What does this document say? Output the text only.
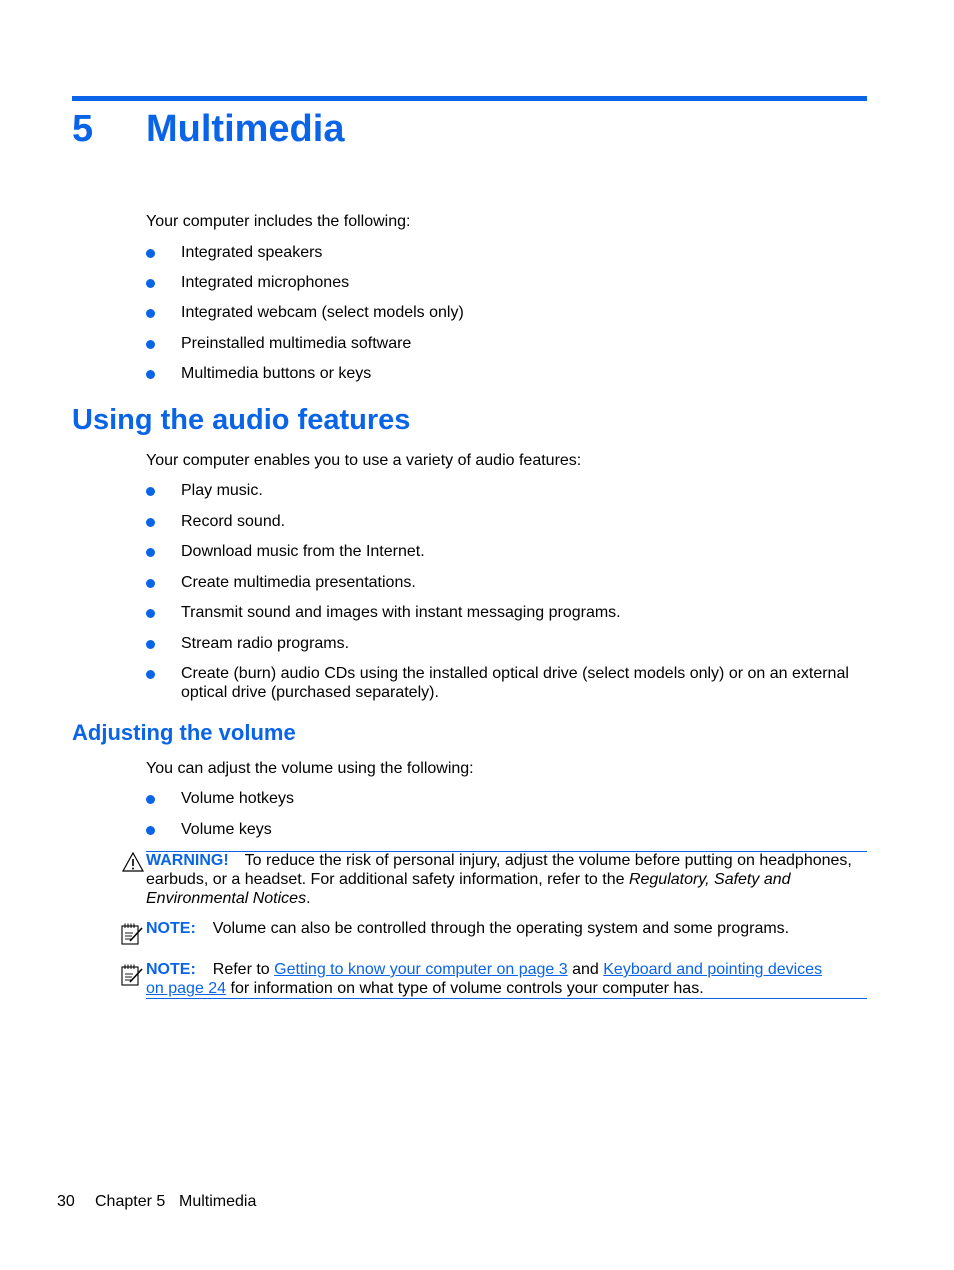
5 Multimedia
Your computer includes the following:
Integrated speakers
Integrated microphones
Integrated webcam (select models only)
Preinstalled multimedia software
Multimedia buttons or keys
Using the audio features
Your computer enables you to use a variety of audio features:
Play music.
Record sound.
Download music from the Internet.
Create multimedia presentations.
Transmit sound and images with instant messaging programs.
Stream radio programs.
Create (burn) audio CDs using the installed optical drive (select models only) or on an external
optical drive (purchased separately).
Adjusting the volume
You can adjust the volume using the following:
Volume hotkeys
Volume keys
WARNING! To reduce the risk of personal injury, adjust the volume before putting on headphones,
earbuds, or a headset. For additional safety information, refer to the Regulatory, Safety and
Environmental Notices.
NOTE: Volume can also be controlled through the operating system and some programs.
NOTE: Refer to Getting to know your computer on page 3 and Keyboard and pointing devices
on page 24 for information on what type of volume controls your computer has.
30 Chapter 5 Multimedia
